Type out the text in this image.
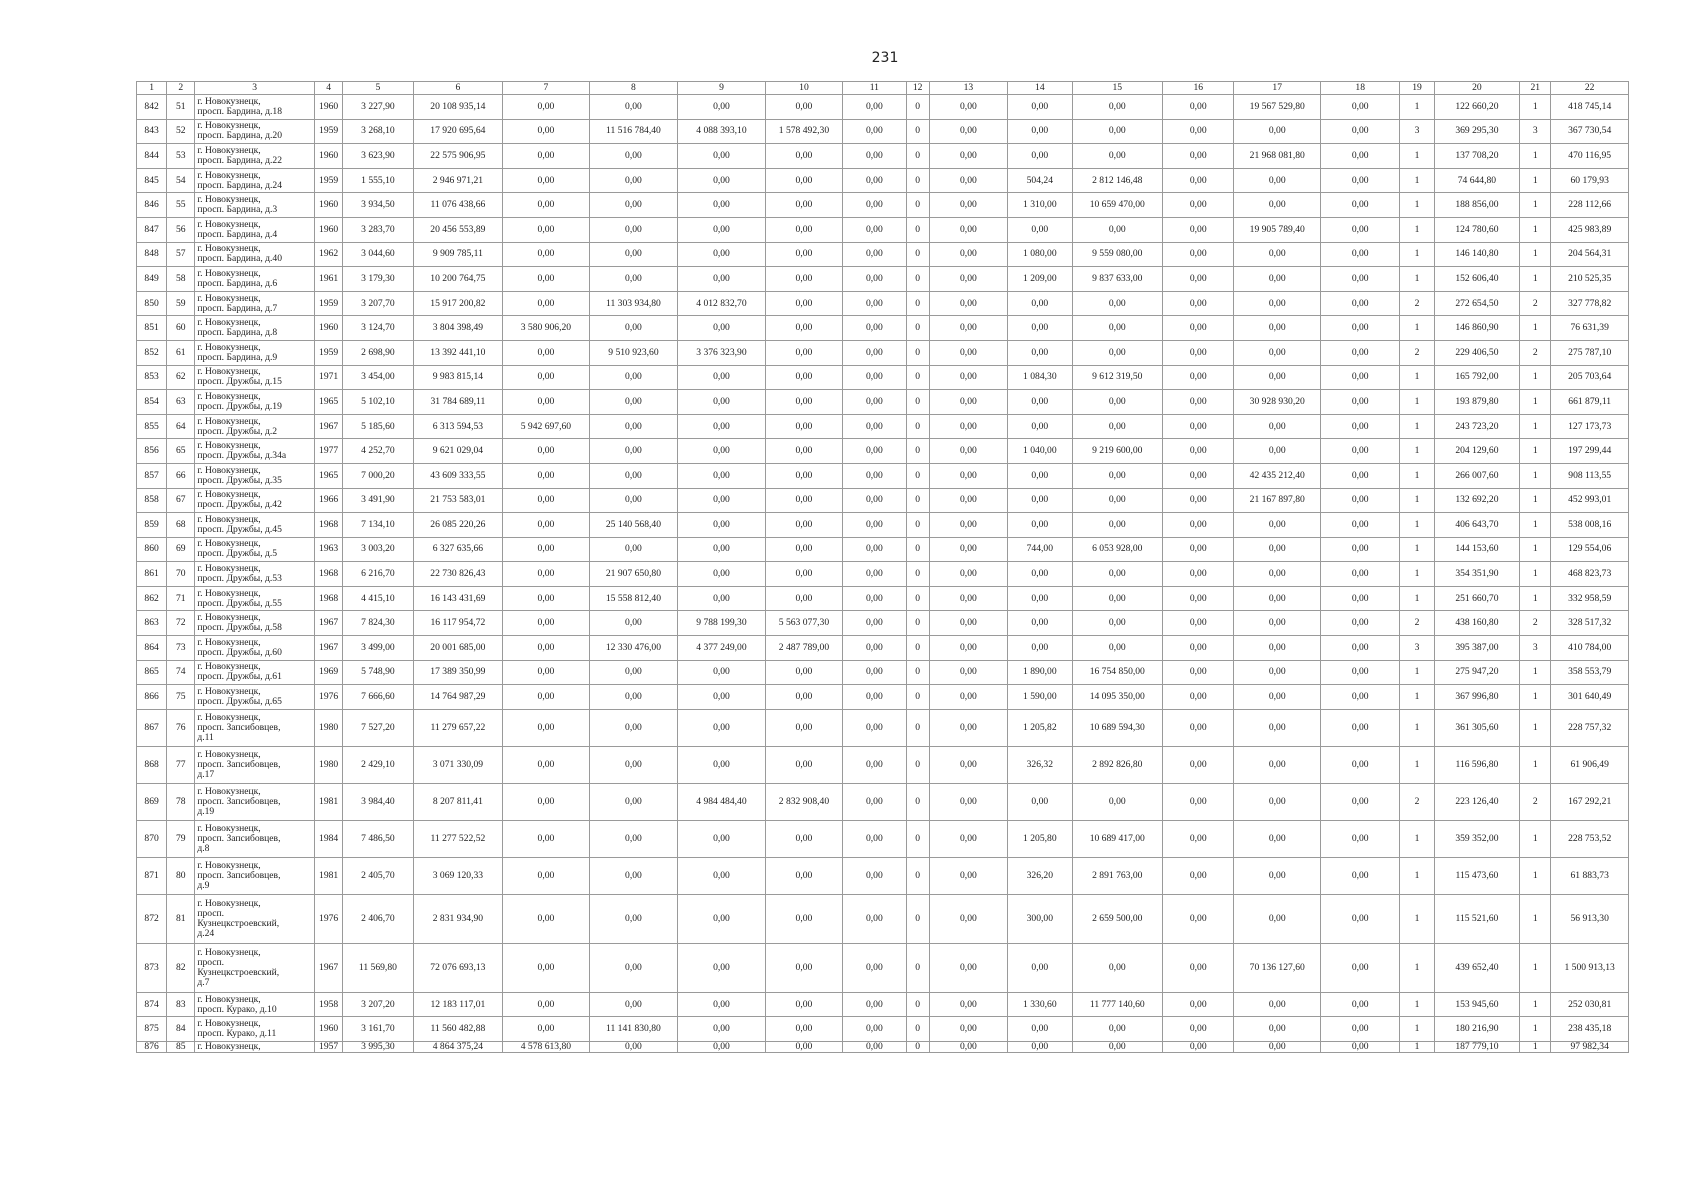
231
1	2	3	4	5	6	7	8	9	10	11	12	13	14	15	16	17	18	19	20	21	22
842	51	г. Новокузнецк,
просп. Бардина, д.18	1960	3 227,90	20 108 935,14	0,00	0,00	0,00	0,00	0,00	0	0,00	0,00	0,00	0,00	19 567 529,80	0,00	1	122 660,20	1	418 745,14
843	52	г. Новокузнецк,
просп. Бардина, д.20	1959	3 268,10	17 920 695,64	0,00	11 516 784,40	4 088 393,10	1 578 492,30	0,00	0	0,00	0,00	0,00	0,00	0,00	0,00	3	369 295,30	3	367 730,54
844	53	г. Новокузнецк,
просп. Бардина, д.22	1960	3 623,90	22 575 906,95	0,00	0,00	0,00	0,00	0,00	0	0,00	0,00	0,00	0,00	21 968 081,80	0,00	1	137 708,20	1	470 116,95
845	54	г. Новокузнецк,
просп. Бардина, д.24	1959	1 555,10	2 946 971,21	0,00	0,00	0,00	0,00	0,00	0	0,00	504,24	2 812 146,48	0,00	0,00	0,00	1	74 644,80	1	60 179,93
846	55	г. Новокузнецк,
просп. Бардина, д.3	1960	3 934,50	11 076 438,66	0,00	0,00	0,00	0,00	0,00	0	0,00	1 310,00	10 659 470,00	0,00	0,00	0,00	1	188 856,00	1	228 112,66
847	56	г. Новокузнецк,
просп. Бардина, д.4	1960	3 283,70	20 456 553,89	0,00	0,00	0,00	0,00	0,00	0	0,00	0,00	0,00	0,00	19 905 789,40	0,00	1	124 780,60	1	425 983,89
848	57	г. Новокузнецк,
просп. Бардина, д.40	1962	3 044,60	9 909 785,11	0,00	0,00	0,00	0,00	0,00	0	0,00	1 080,00	9 559 080,00	0,00	0,00	0,00	1	146 140,80	1	204 564,31
849	58	г. Новокузнецк,
просп. Бардина, д.6	1961	3 179,30	10 200 764,75	0,00	0,00	0,00	0,00	0,00	0	0,00	1 209,00	9 837 633,00	0,00	0,00	0,00	1	152 606,40	1	210 525,35
850	59	г. Новокузнецк,
просп. Бардина, д.7	1959	3 207,70	15 917 200,82	0,00	11 303 934,80	4 012 832,70	0,00	0,00	0	0,00	0,00	0,00	0,00	0,00	0,00	2	272 654,50	2	327 778,82
851	60	г. Новокузнецк,
просп. Бардина, д.8	1960	3 124,70	3 804 398,49	3 580 906,20	0,00	0,00	0,00	0,00	0	0,00	0,00	0,00	0,00	0,00	0,00	1	146 860,90	1	76 631,39
852	61	г. Новокузнецк,
просп. Бардина, д.9	1959	2 698,90	13 392 441,10	0,00	9 510 923,60	3 376 323,90	0,00	0,00	0	0,00	0,00	0,00	0,00	0,00	0,00	2	229 406,50	2	275 787,10
853	62	г. Новокузнецк,
просп. Дружбы, д.15	1971	3 454,00	9 983 815,14	0,00	0,00	0,00	0,00	0,00	0	0,00	1 084,30	9 612 319,50	0,00	0,00	0,00	1	165 792,00	1	205 703,64
854	63	г. Новокузнецк,
просп. Дружбы, д.19	1965	5 102,10	31 784 689,11	0,00	0,00	0,00	0,00	0,00	0	0,00	0,00	0,00	0,00	30 928 930,20	0,00	1	193 879,80	1	661 879,11
855	64	г. Новокузнецк,
просп. Дружбы, д.2	1967	5 185,60	6 313 594,53	5 942 697,60	0,00	0,00	0,00	0,00	0	0,00	0,00	0,00	0,00	0,00	0,00	1	243 723,20	1	127 173,73
856	65	г. Новокузнецк,
просп. Дружбы, д.34а	1977	4 252,70	9 621 029,04	0,00	0,00	0,00	0,00	0,00	0	0,00	1 040,00	9 219 600,00	0,00	0,00	0,00	1	204 129,60	1	197 299,44
857	66	г. Новокузнецк,
просп. Дружбы, д.35	1965	7 000,20	43 609 333,55	0,00	0,00	0,00	0,00	0,00	0	0,00	0,00	0,00	0,00	42 435 212,40	0,00	1	266 007,60	1	908 113,55
858	67	г. Новокузнецк,
просп. Дружбы, д.42	1966	3 491,90	21 753 583,01	0,00	0,00	0,00	0,00	0,00	0	0,00	0,00	0,00	0,00	21 167 897,80	0,00	1	132 692,20	1	452 993,01
859	68	г. Новокузнецк,
просп. Дружбы, д.45	1968	7 134,10	26 085 220,26	0,00	25 140 568,40	0,00	0,00	0,00	0	0,00	0,00	0,00	0,00	0,00	0,00	1	406 643,70	1	538 008,16
860	69	г. Новокузнецк,
просп. Дружбы, д.5	1963	3 003,20	6 327 635,66	0,00	0,00	0,00	0,00	0,00	0	0,00	744,00	6 053 928,00	0,00	0,00	0,00	1	144 153,60	1	129 554,06
861	70	г. Новокузнецк,
просп. Дружбы, д.53	1968	6 216,70	22 730 826,43	0,00	21 907 650,80	0,00	0,00	0,00	0	0,00	0,00	0,00	0,00	0,00	0,00	1	354 351,90	1	468 823,73
862	71	г. Новокузнецк,
просп. Дружбы, д.55	1968	4 415,10	16 143 431,69	0,00	15 558 812,40	0,00	0,00	0,00	0	0,00	0,00	0,00	0,00	0,00	0,00	1	251 660,70	1	332 958,59
863	72	г. Новокузнецк,
просп. Дружбы, д.58	1967	7 824,30	16 117 954,72	0,00	0,00	9 788 199,30	5 563 077,30	0,00	0	0,00	0,00	0,00	0,00	0,00	0,00	2	438 160,80	2	328 517,32
864	73	г. Новокузнецк,
просп. Дружбы, д.60	1967	3 499,00	20 001 685,00	0,00	12 330 476,00	4 377 249,00	2 487 789,00	0,00	0	0,00	0,00	0,00	0,00	0,00	0,00	3	395 387,00	3	410 784,00
865	74	г. Новокузнецк,
просп. Дружбы, д.61	1969	5 748,90	17 389 350,99	0,00	0,00	0,00	0,00	0,00	0	0,00	1 890,00	16 754 850,00	0,00	0,00	0,00	1	275 947,20	1	358 553,79
866	75	г. Новокузнецк,
просп. Дружбы, д.65	1976	7 666,60	14 764 987,29	0,00	0,00	0,00	0,00	0,00	0	0,00	1 590,00	14 095 350,00	0,00	0,00	0,00	1	367 996,80	1	301 640,49
867	76	г. Новокузнецк,
просп. Запсибовцев,
д.11	1980	7 527,20	11 279 657,22	0,00	0,00	0,00	0,00	0,00	0	0,00	1 205,82	10 689 594,30	0,00	0,00	0,00	1	361 305,60	1	228 757,32
868	77	г. Новокузнецк,
просп. Запсибовцев,
д.17	1980	2 429,10	3 071 330,09	0,00	0,00	0,00	0,00	0,00	0	0,00	326,32	2 892 826,80	0,00	0,00	0,00	1	116 596,80	1	61 906,49
869	78	г. Новокузнецк,
просп. Запсибовцев,
д.19	1981	3 984,40	8 207 811,41	0,00	0,00	4 984 484,40	2 832 908,40	0,00	0	0,00	0,00	0,00	0,00	0,00	0,00	2	223 126,40	2	167 292,21
870	79	г. Новокузнецк,
просп. Запсибовцев,
д.8	1984	7 486,50	11 277 522,52	0,00	0,00	0,00	0,00	0,00	0	0,00	1 205,80	10 689 417,00	0,00	0,00	0,00	1	359 352,00	1	228 753,52
871	80	г. Новокузнецк,
просп. Запсибовцев,
д.9	1981	2 405,70	3 069 120,33	0,00	0,00	0,00	0,00	0,00	0	0,00	326,20	2 891 763,00	0,00	0,00	0,00	1	115 473,60	1	61 883,73
872	81	г. Новокузнецк,
просп.
Кузнецкстроевский,
д.24	1976	2 406,70	2 831 934,90	0,00	0,00	0,00	0,00	0,00	0	0,00	300,00	2 659 500,00	0,00	0,00	0,00	1	115 521,60	1	56 913,30
873	82	г. Новокузнецк,
просп.
Кузнецкстроевский,
д.7	1967	11 569,80	72 076 693,13	0,00	0,00	0,00	0,00	0,00	0	0,00	0,00	0,00	0,00	70 136 127,60	0,00	1	439 652,40	1	1 500 913,13
874	83	г. Новокузнецк,
просп. Курако, д.10	1958	3 207,20	12 183 117,01	0,00	0,00	0,00	0,00	0,00	0	0,00	1 330,60	11 777 140,60	0,00	0,00	0,00	1	153 945,60	1	252 030,81
875	84	г. Новокузнецк,
просп. Курако, д.11	1960	3 161,70	11 560 482,88	0,00	11 141 830,80	0,00	0,00	0,00	0	0,00	0,00	0,00	0,00	0,00	0,00	1	180 216,90	1	238 435,18
876	85	г. Новокузнецк,	1957	3 995,30	4 864 375,24	4 578 613,80	0,00	0,00	0,00	0,00	0	0,00	0,00	0,00	0,00	0,00	0,00	1	187 779,10	1	97 982,34
